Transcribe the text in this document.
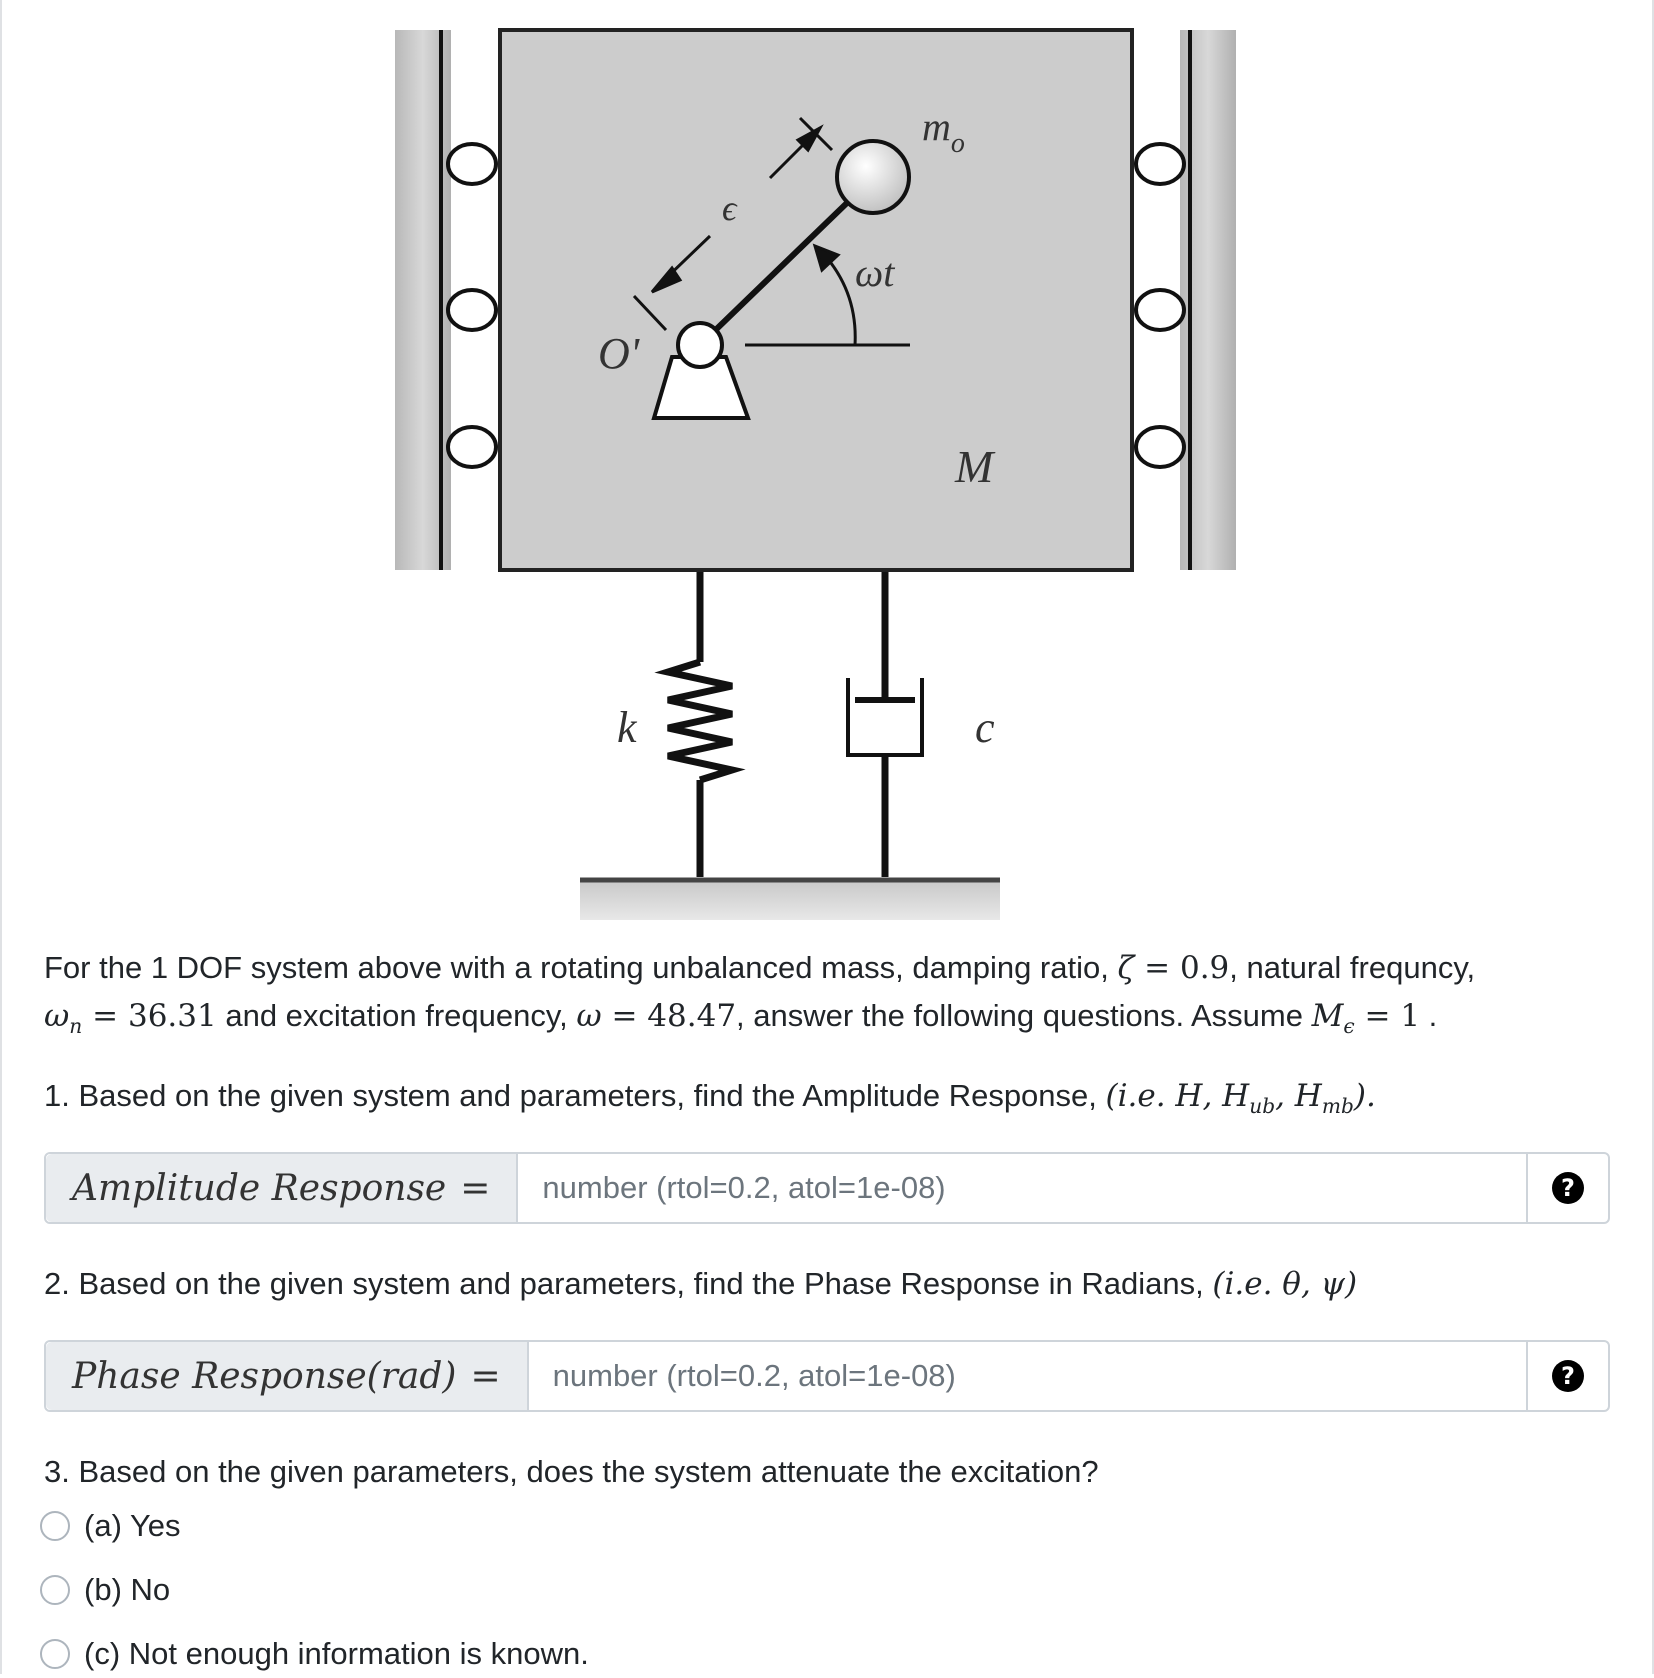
$m_o$
ϵ
ωt
O'
M
k	c

For the 1 DOF system above with a rotating unbalanced mass, damping ratio, ζ = 0.9, natural frequncy,
$\omega_n = 36.31$ and excitation frequency, ω = 48.47, answer the following questions. Assume $M_\epsilon = 1$ .

1. Based on the given system and parameters, find the Amplitude Response, (i.e. H, $H_{ub}$, $H_{mb}$).

Amplitude Response =
number (rtol=0.2, atol=1e-08)	?

2. Based on the given system and parameters, find the Phase Response in Radians, (i.e. θ, ψ)

Phase Response(rad) =
number (rtol=0.2, atol=1e-08)	?

3. Based on the given parameters, does the system attenuate the excitation?

(a) Yes
(b) No
(c) Not enough information is known.
